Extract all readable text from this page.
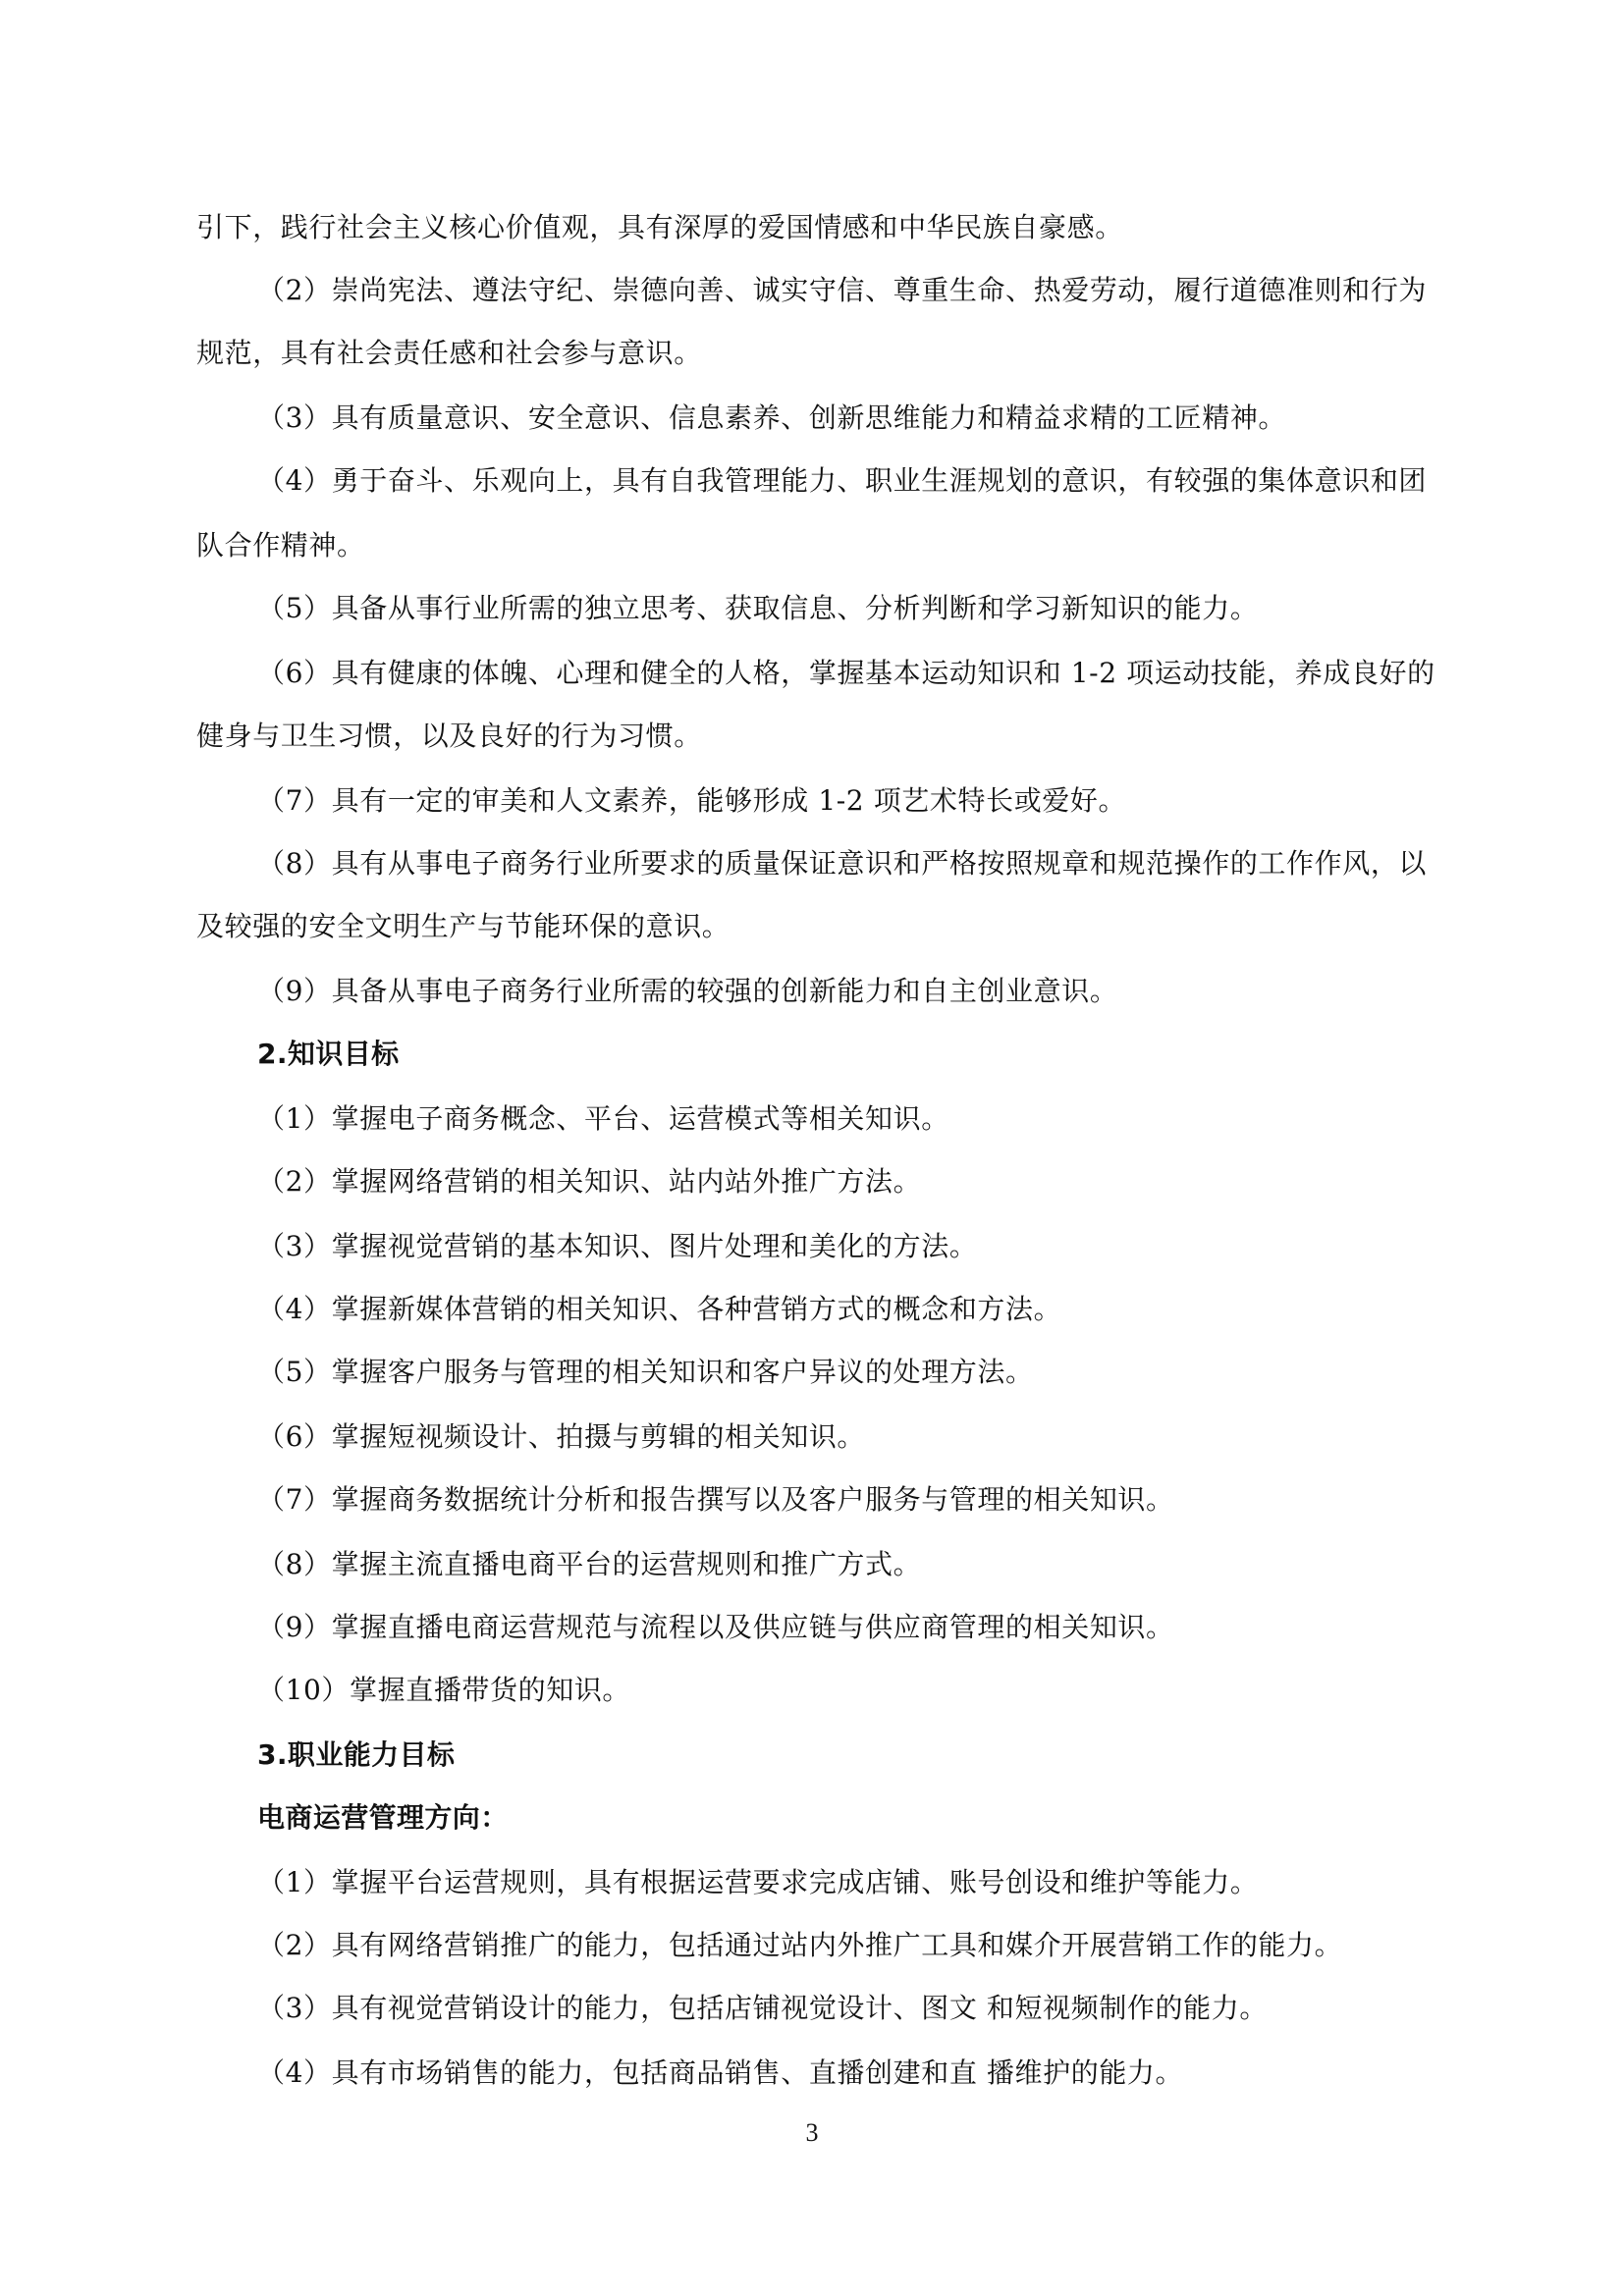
引下，践行社会主义核心价值观，具有深厚的爱国情感和中华民族自豪感。
（2）崇尚宪法、遵法守纪、崇德向善、诚实守信、尊重生命、热爱劳动，履行道德准则和行为
规范，具有社会责任感和社会参与意识。
（3）具有质量意识、安全意识、信息素养、创新思维能力和精益求精的工匠精神。
（4）勇于奋斗、乐观向上，具有自我管理能力、职业生涯规划的意识，有较强的集体意识和团
队合作精神。
（5）具备从事行业所需的独立思考、获取信息、分析判断和学习新知识的能力。
（6）具有健康的体魄、心理和健全的人格，掌握基本运动知识和 1-2 项运动技能，养成良好的
健身与卫生习惯，以及良好的行为习惯。
（7）具有一定的审美和人文素养，能够形成 1-2 项艺术特长或爱好。
（8）具有从事电子商务行业所要求的质量保证意识和严格按照规章和规范操作的工作作风，以
及较强的安全文明生产与节能环保的意识。
（9）具备从事电子商务行业所需的较强的创新能力和自主创业意识。
2.知识目标
（1）掌握电子商务概念、平台、运营模式等相关知识。
（2）掌握网络营销的相关知识、站内站外推广方法。
（3）掌握视觉营销的基本知识、图片处理和美化的方法。
（4）掌握新媒体营销的相关知识、各种营销方式的概念和方法。
（5）掌握客户服务与管理的相关知识和客户异议的处理方法。
（6）掌握短视频设计、拍摄与剪辑的相关知识。
（7）掌握商务数据统计分析和报告撰写以及客户服务与管理的相关知识。
（8）掌握主流直播电商平台的运营规则和推广方式。
（9）掌握直播电商运营规范与流程以及供应链与供应商管理的相关知识。
（10）掌握直播带货的知识。
3.职业能力目标
电商运营管理方向：
（1）掌握平台运营规则，具有根据运营要求完成店铺、账号创设和维护等能力。
（2）具有网络营销推广的能力，包括通过站内外推广工具和媒介开展营销工作的能力。
（3）具有视觉营销设计的能力，包括店铺视觉设计、图文 和短视频制作的能力。
（4）具有市场销售的能力，包括商品销售、直播创建和直 播维护的能力。
3
